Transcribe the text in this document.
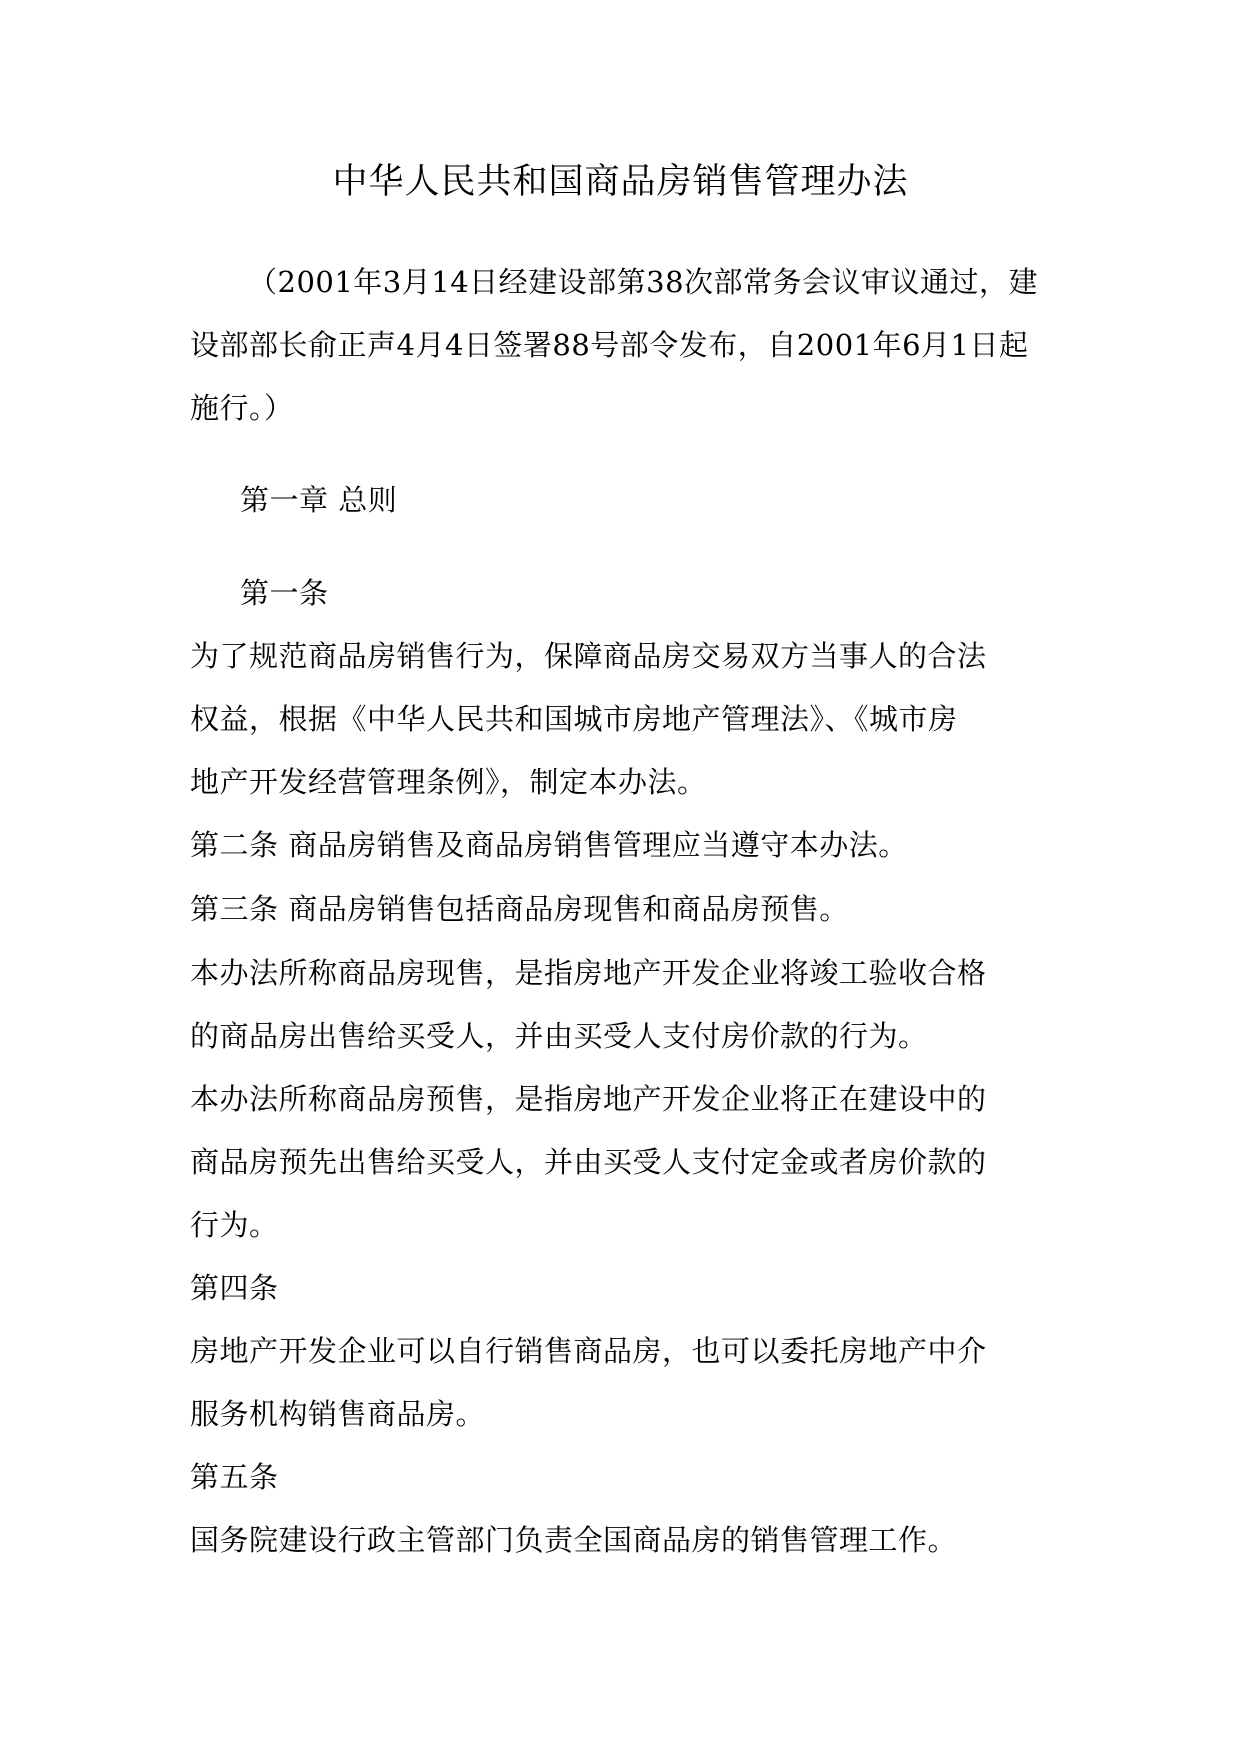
中华人民共和国商品房销售管理办法
（2001年3月14日经建设部第38次部常务会议审议通过，建
设部部长俞正声4月4日签署88号部令发布，自2001年6月1日起
施行。）
第一章 总则
第一条
为了规范商品房销售行为，保障商品房交易双方当事人的合法
权益，根据《中华人民共和国城市房地产管理法》、《城市房
地产开发经营管理条例》，制定本办法。
第二条 商品房销售及商品房销售管理应当遵守本办法。
第三条 商品房销售包括商品房现售和商品房预售。
本办法所称商品房现售，是指房地产开发企业将竣工验收合格
的商品房出售给买受人，并由买受人支付房价款的行为。
本办法所称商品房预售，是指房地产开发企业将正在建设中的
商品房预先出售给买受人，并由买受人支付定金或者房价款的
行为。
第四条
房地产开发企业可以自行销售商品房，也可以委托房地产中介
服务机构销售商品房。
第五条
国务院建设行政主管部门负责全国商品房的销售管理工作。
